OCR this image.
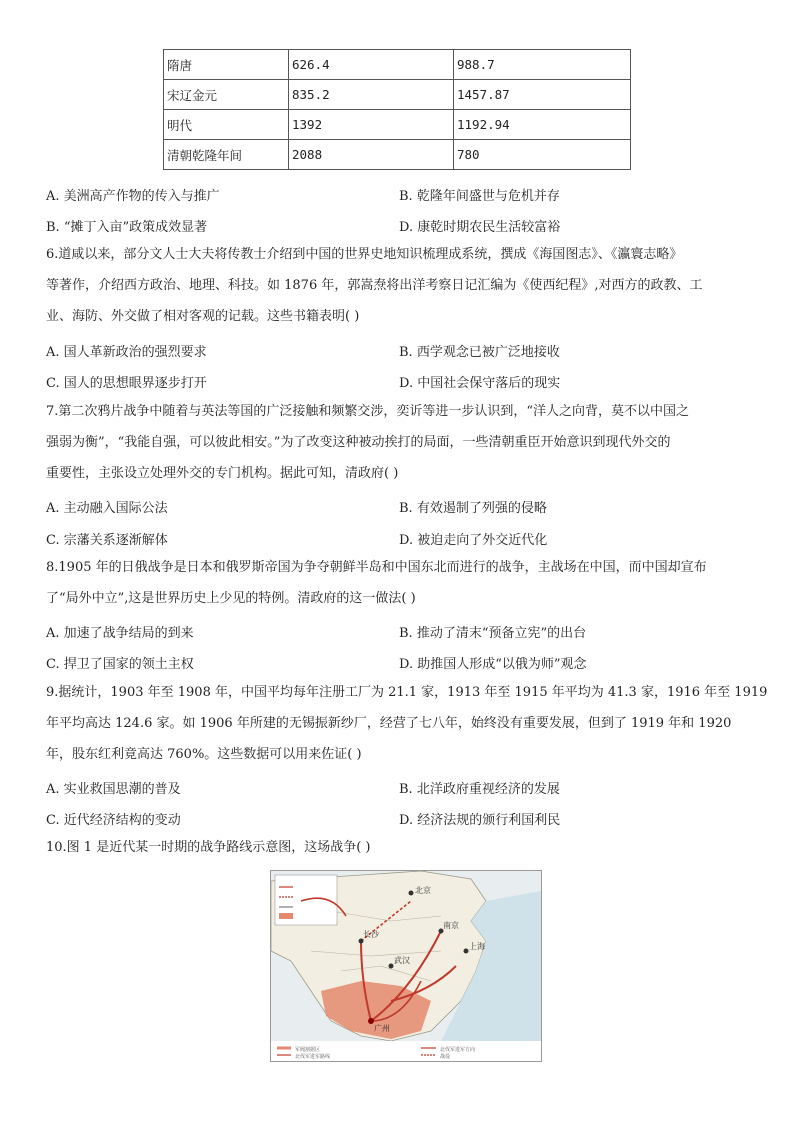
隋唐	626.4	988.7
宋辽金元	835.2	1457.87
明代	1392	1192.94
清朝乾隆年间	2088	780
A. 美洲高产作物的传入与推广	B. 乾隆年间盛世与危机并存
B. “摊丁入亩”政策成效显著	D. 康乾时期农民生活较富裕
6.道咸以来，部分文人士大夫将传教士介绍到中国的世界史地知识梳理成系统，撰成《海国图志》、《瀛寰志略》
等著作，介绍西方政治、地理、科技。如 1876 年，郭嵩焘将出洋考察日记汇编为《使西纪程》,对西方的政教、工
业、海防、外交做了相对客观的记载。这些书籍表明( )
A. 国人革新政治的强烈要求	B. 西学观念已被广泛地接收
C. 国人的思想眼界逐步打开	D. 中国社会保守落后的现实
7.第二次鸦片战争中随着与英法等国的广泛接触和频繁交涉，奕䜣等进一步认识到，“洋人之向背，莫不以中国之
强弱为衡”，“我能自强，可以彼此相安。”为了改变这种被动挨打的局面，一些清朝重臣开始意识到现代外交的
重要性，主张设立处理外交的专门机构。据此可知，清政府( )
A. 主动融入国际公法	B. 有效遏制了列强的侵略
C. 宗藩关系逐渐解体	D. 被迫走向了外交近代化
8.1905 年的日俄战争是日本和俄罗斯帝国为争夺朝鲜半岛和中国东北而进行的战争，主战场在中国，而中国却宣布
了“局外中立”,这是世界历史上少见的特例。清政府的这一做法( )
A. 加速了战争结局的到来	B. 推动了清末“预备立宪”的出台
C. 捍卫了国家的领土主权	D. 助推国人形成“以俄为师”观念
9.据统计，1903 年至 1908 年，中国平均每年注册工厂为 21.1 家，1913 年至 1915 年平均为 41.3 家，1916 年至 1919
年平均高达 124.6 家。如 1906 年所建的无锡振新纱厂，经营了七八年，始终没有重要发展，但到了 1919 年和 1920
年，股东红利竟高达 760%。这些数据可以用来佐证( )
A. 实业救国思潮的普及	B. 北洋政府重视经济的发展
C. 近代经济结构的变动	D. 经济法规的颁行利国利民
10.图 1 是近代某一时期的战争路线示意图，这场战争( )
北京
长沙
武汉
南京
广州
上海
军阀割据区
北伐军进军路线
北伐军进军方向
战役
